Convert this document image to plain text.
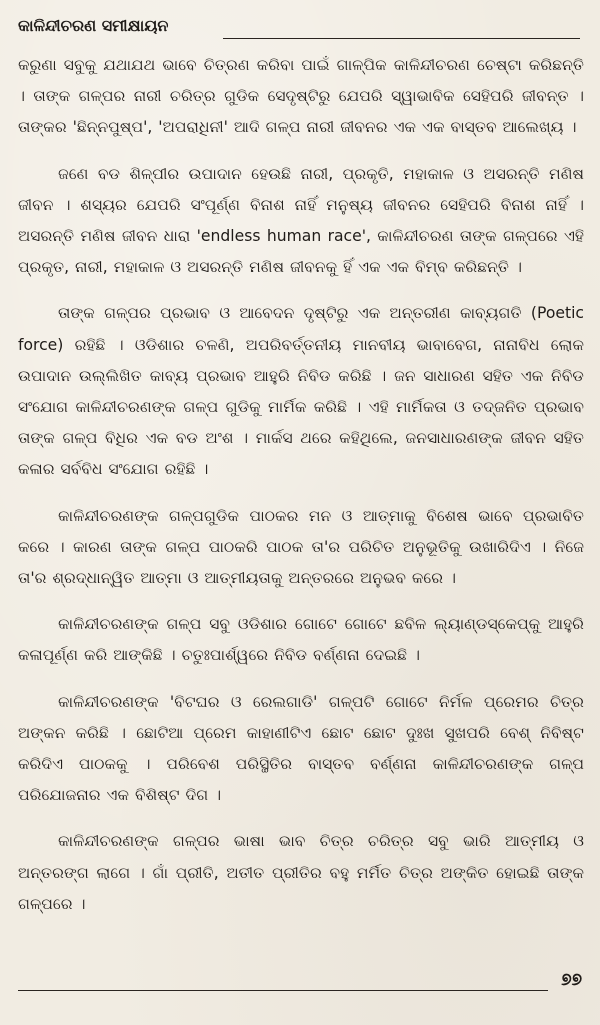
କାଳିନ୍ଦୀଚରଣ ସମୀକ୍ଷାୟନ

କରୁଣା ସବୁକୁ ଯଥାଯଥ ଭାବେ ଚିତ୍ରଣ କରିବା ପାଇଁ ଗାଳ୍ପିକ କାଳିନ୍ଦୀଚରଣ ଚେଷ୍ଟା କରିଛନ୍ତି । ତାଙ୍କ ଗଳ୍ପର ନାରୀ ଚରିତ୍ର ଗୁଡିକ ସେଦୃଷ୍ଟିରୁ ଯେପରି ସ୍ୱାଭାବିକ ସେହିପରି ଜୀବନ୍ତ । ତାଙ୍କର 'ଛିନ୍ନପୁଷ୍ପ', 'ଅପରାଧିନୀ' ଆଦି ଗଳ୍ପ ନାରୀ ଜୀବନର ଏକ ଏକ ବାସ୍ତବ ଆଲେଖ୍ୟ ।

ଜଣେ ବଡ ଶିଳ୍ପୀର ଉପାଦାନ ହେଉଛି ନାରୀ, ପ୍ରକୃତି, ମହାକାଳ ଓ ଅସରନ୍ତି ମଣିଷ ଜୀବନ । ଶସ୍ୟର ଯେପରି ସଂପୂର୍ଣ୍ଣ ବିନାଶ ନାହିଁ ମନୁଷ୍ୟ ଜୀବନର ସେହିପରି ବିନାଶ ନାହିଁ । ଅସରନ୍ତି ମଣିଷ ଜୀବନ ଧାରା 'endless human race', କାଳିନ୍ଦୀଚରଣ ତାଙ୍କ ଗଳ୍ପରେ ଏହି ପ୍ରକୃତ, ନାରୀ, ମହାକାଳ ଓ ଅସରନ୍ତି ମଣିଷ ଜୀବନକୁ ହିଁ ଏକ ଏକ ବିମ୍ବ କରିଛନ୍ତି ।

ତାଙ୍କ ଗଳ୍ପର ପ୍ରଭାବ ଓ ଆବେଦନ ଦୃଷ୍ଟିରୁ ଏକ ଅନ୍ତରୀଣ କାବ୍ୟଗତି (Poetic force) ରହିଛି । ଓଡିଶାର ଚଳଣି, ଅପରିବର୍ତ୍ତନୀୟ ମାନବୀୟ ଭାବାବେଗ, ନାନାବିଧ ଲୋକ ଉପାଦାନ ଉଲ୍ଲିଖିତ କାବ୍ୟ ପ୍ରଭାବ ଆହୁରି ନିବିଡ କରିଛି । ଜନ ସାଧାରଣ ସହିତ ଏକ ନିବିଡ ସଂଯୋଗ କାଳିନ୍ଦୀଚରଣଙ୍କ ଗଳ୍ପ ଗୁଡିକୁ ମାର୍ମିକ କରିଛି । ଏହି ମାର୍ମିକତା ଓ ତଦ୍‌ଜନିତ ପ୍ରଭାବ ତାଙ୍କ ଗଳ୍ପ ବିଧିର ଏକ ବଡ ଅଂଶ । ମାର୍କସ ଥରେ କହିଥିଲେ, ଜନସାଧାରଣଙ୍କ ଜୀବନ ସହିତ କଳାର ସର୍ବବିଧ ସଂଯୋଗ ରହିଛି ।

କାଳିନ୍ଦୀଚରଣଙ୍କ ଗଳ୍ପଗୁଡିକ ପାଠକର ମନ ଓ ଆତ୍ମାକୁ ବିଶେଷ ଭାବେ ପ୍ରଭାବିତ କରେ । କାରଣ ତାଙ୍କ ଗଳ୍ପ ପାଠକରି ପାଠକ ତା'ର ପରିଚିତ ଅନୁଭୂତିକୁ ଉଖାରିଦିଏ । ନିଜେ ତା'ର ଶ୍ରଦ୍ଧାନ୍ୱିତ ଆତ୍ମା ଓ ଆତ୍ମୀୟତାକୁ ଅନ୍ତରରେ ଅନୁଭବ କରେ ।

କାଳିନ୍ଦୀଚରଣଙ୍କ ଗଳ୍ପ ସବୁ ଓଡିଶାର ଗୋଟେ ଗୋଟେ ଛବିଳ ଲ୍ୟାଣ୍ଡସ୍କେପ୍‌କୁ ଆହୁରି କଳାପୂର୍ଣ୍ଣ କରି ଆଙ୍କିଛି । ଚତୁଃପାର୍ଶ୍ୱରେ ନିବିଡ ବର୍ଣ୍ଣନା ଦେଇଛି ।

କାଳିନ୍ଦୀଚରଣଙ୍କ 'ବିଟଘର ଓ ରେଲଗାଡି' ଗଳ୍ପଟି ଗୋଟେ ନିର୍ମଳ ପ୍ରେମର ଚିତ୍ର ଅଙ୍କନ କରିଛି । ଛୋଟିଆ ପ୍ରେମ କାହାଣୀଟିଏ ଛୋଟ ଛୋଟ ଦୁଃଖ ସୁଖପରି ବେଶ୍ ନିବିଷ୍ଟ କରିଦିଏ ପାଠକକୁ । ପରିବେଶ ପରିସ୍ଥିତିର ବାସ୍ତବ ବର୍ଣ୍ଣନା କାଳିନ୍ଦୀଚରଣଙ୍କ ଗଳ୍ପ ପରିଯୋଜନାର ଏକ ବିଶିଷ୍ଟ ଦିଗ ।

କାଳିନ୍ଦୀଚରଣଙ୍କ ଗଳ୍ପର ଭାଷା ଭାବ ଚିତ୍ର ଚରିତ୍ର ସବୁ ଭାରି ଆତ୍ମୀୟ ଓ ଅନ୍ତରଙ୍ଗ ଲାଗେ । ଗାଁ ପ୍ରୀତି, ଅତୀତ ପ୍ରୀତିର ବହୁ ମର୍ମିତ ଚିତ୍ର ଅଙ୍କିତ ହୋଇଛି ତାଙ୍କ ଗଳ୍ପରେ ।

୭୭
